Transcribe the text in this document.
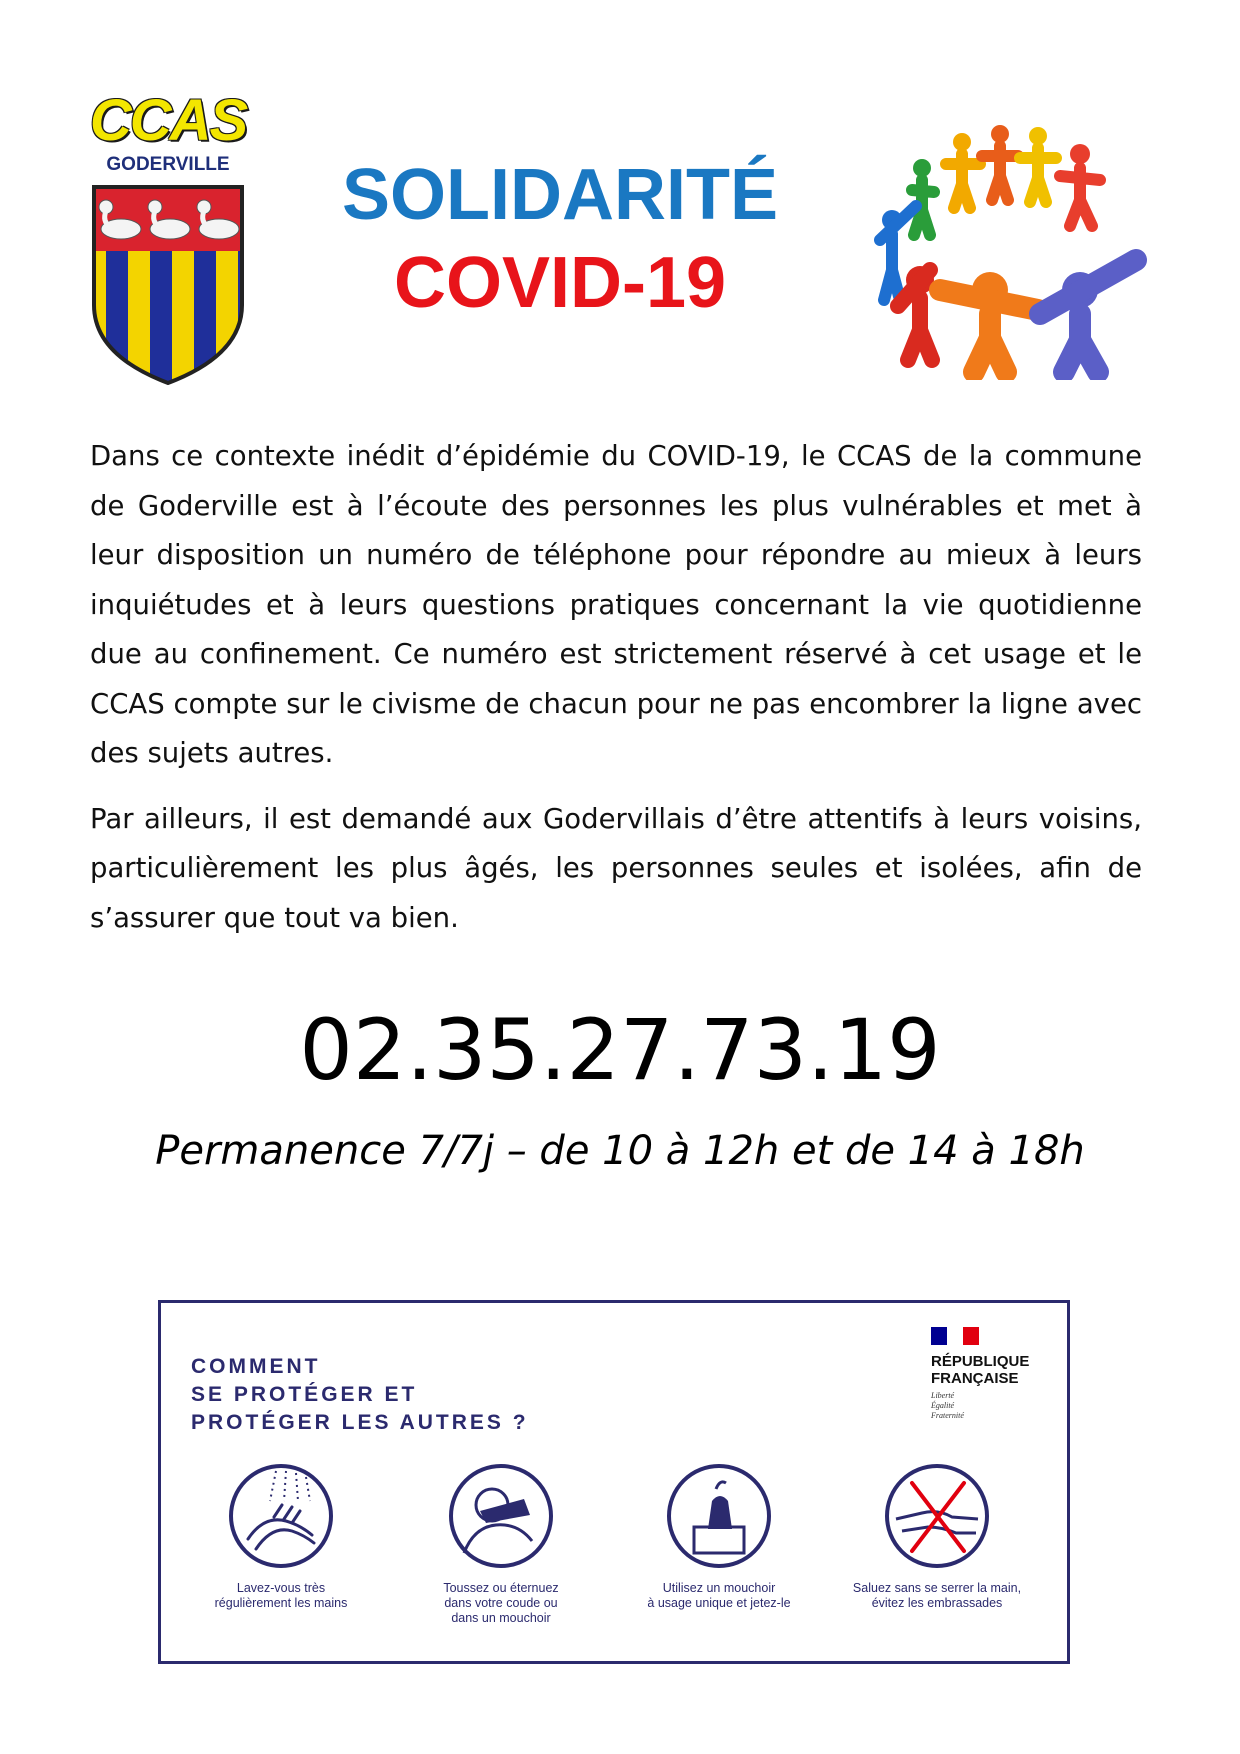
CCAS
GODERVILLE	SOLIDARITÉ
COVID-19

Dans ce contexte inédit d’épidémie du COVID-19, le CCAS de la commune de Goderville est à l’écoute des personnes les plus vulnérables et met à leur disposition un numéro de téléphone pour répondre au mieux à leurs inquiétudes et à leurs questions pratiques concernant la vie quotidienne due au confinement. Ce numéro est strictement réservé à cet usage et le CCAS compte sur le civisme de chacun pour ne pas encombrer la ligne avec des sujets autres.

Par ailleurs, il est demandé aux Godervillais d’être attentifs à leurs voisins, particulièrement les plus âgés, les personnes seules et isolées, afin de s’assurer que tout va bien.

02.35.27.73.19
Permanence 7/7j – de 10 à 12h et de 14 à 18h
COMMENT
SE PROTÉGER ET
PROTÉGER LES AUTRES ?
RÉPUBLIQUE
FRANÇAISE
Liberté
Égalité
Fraternité
Lavez-vous très
régulièrement les mains
Toussez ou éternuez
dans votre coude ou
dans un mouchoir
Utilisez un mouchoir
à usage unique et jetez-le
Saluez sans se serrer la main,
évitez les embrassades
